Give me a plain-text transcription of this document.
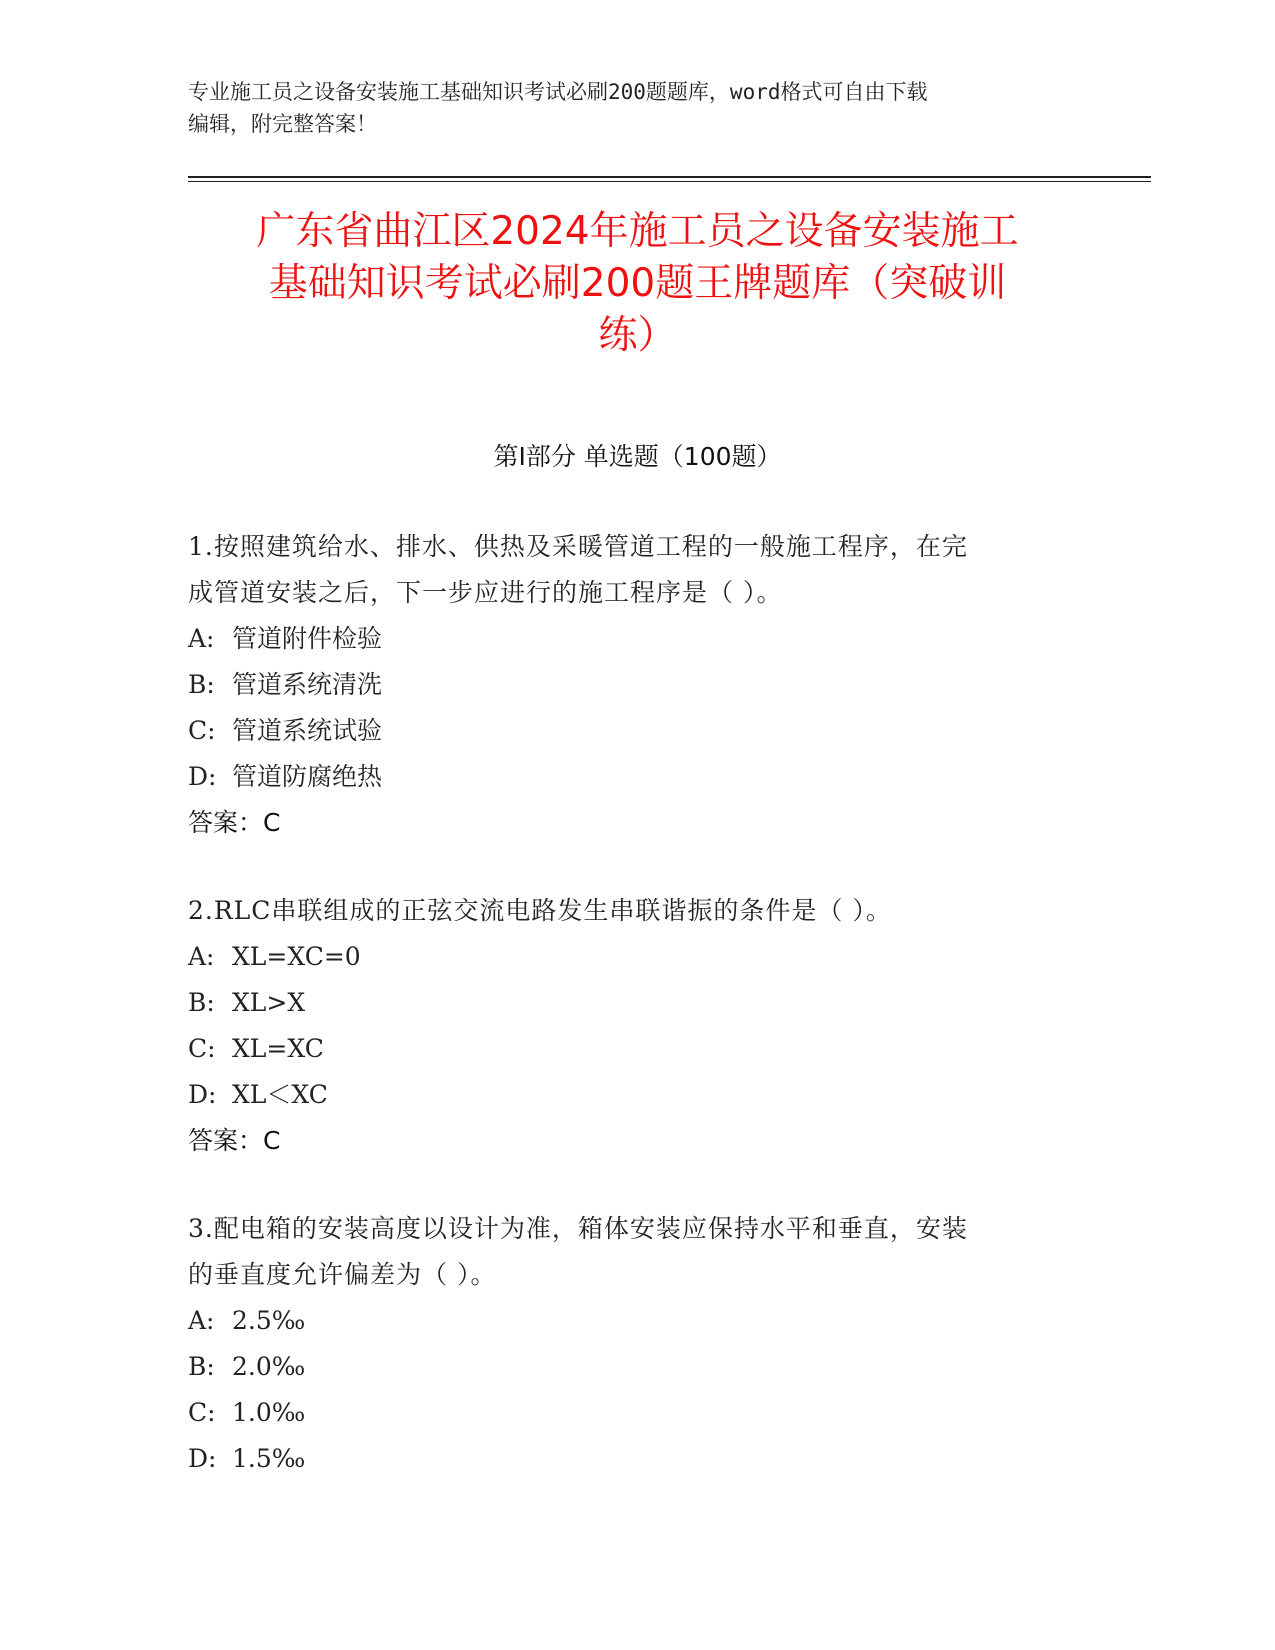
专业施工员之设备安装施工基础知识考试必刷200题题库，word格式可自由下载
编辑，附完整答案！
广东省曲江区2024年施工员之设备安装施工
基础知识考试必刷200题王牌题库（突破训
练）
第Ⅰ部分 单选题（100题）
1.按照建筑给水、排水、供热及采暖管道工程的一般施工程序，在完
成管道安装之后，下一步应进行的施工程序是（ ）。
A: 管道附件检验
B: 管道系统清洗
C: 管道系统试验
D: 管道防腐绝热
答案：C
2.RLC串联组成的正弦交流电路发生串联谐振的条件是（ ）。
A: XL=XC=0
B: XL>X
C: XL=XC
D: XL＜XC
答案：C
3.配电箱的安装高度以设计为准，箱体安装应保持水平和垂直，安装
的垂直度允许偏差为（ ）。
A: 2.5‰
B: 2.0‰
C: 1.0‰
D: 1.5‰
